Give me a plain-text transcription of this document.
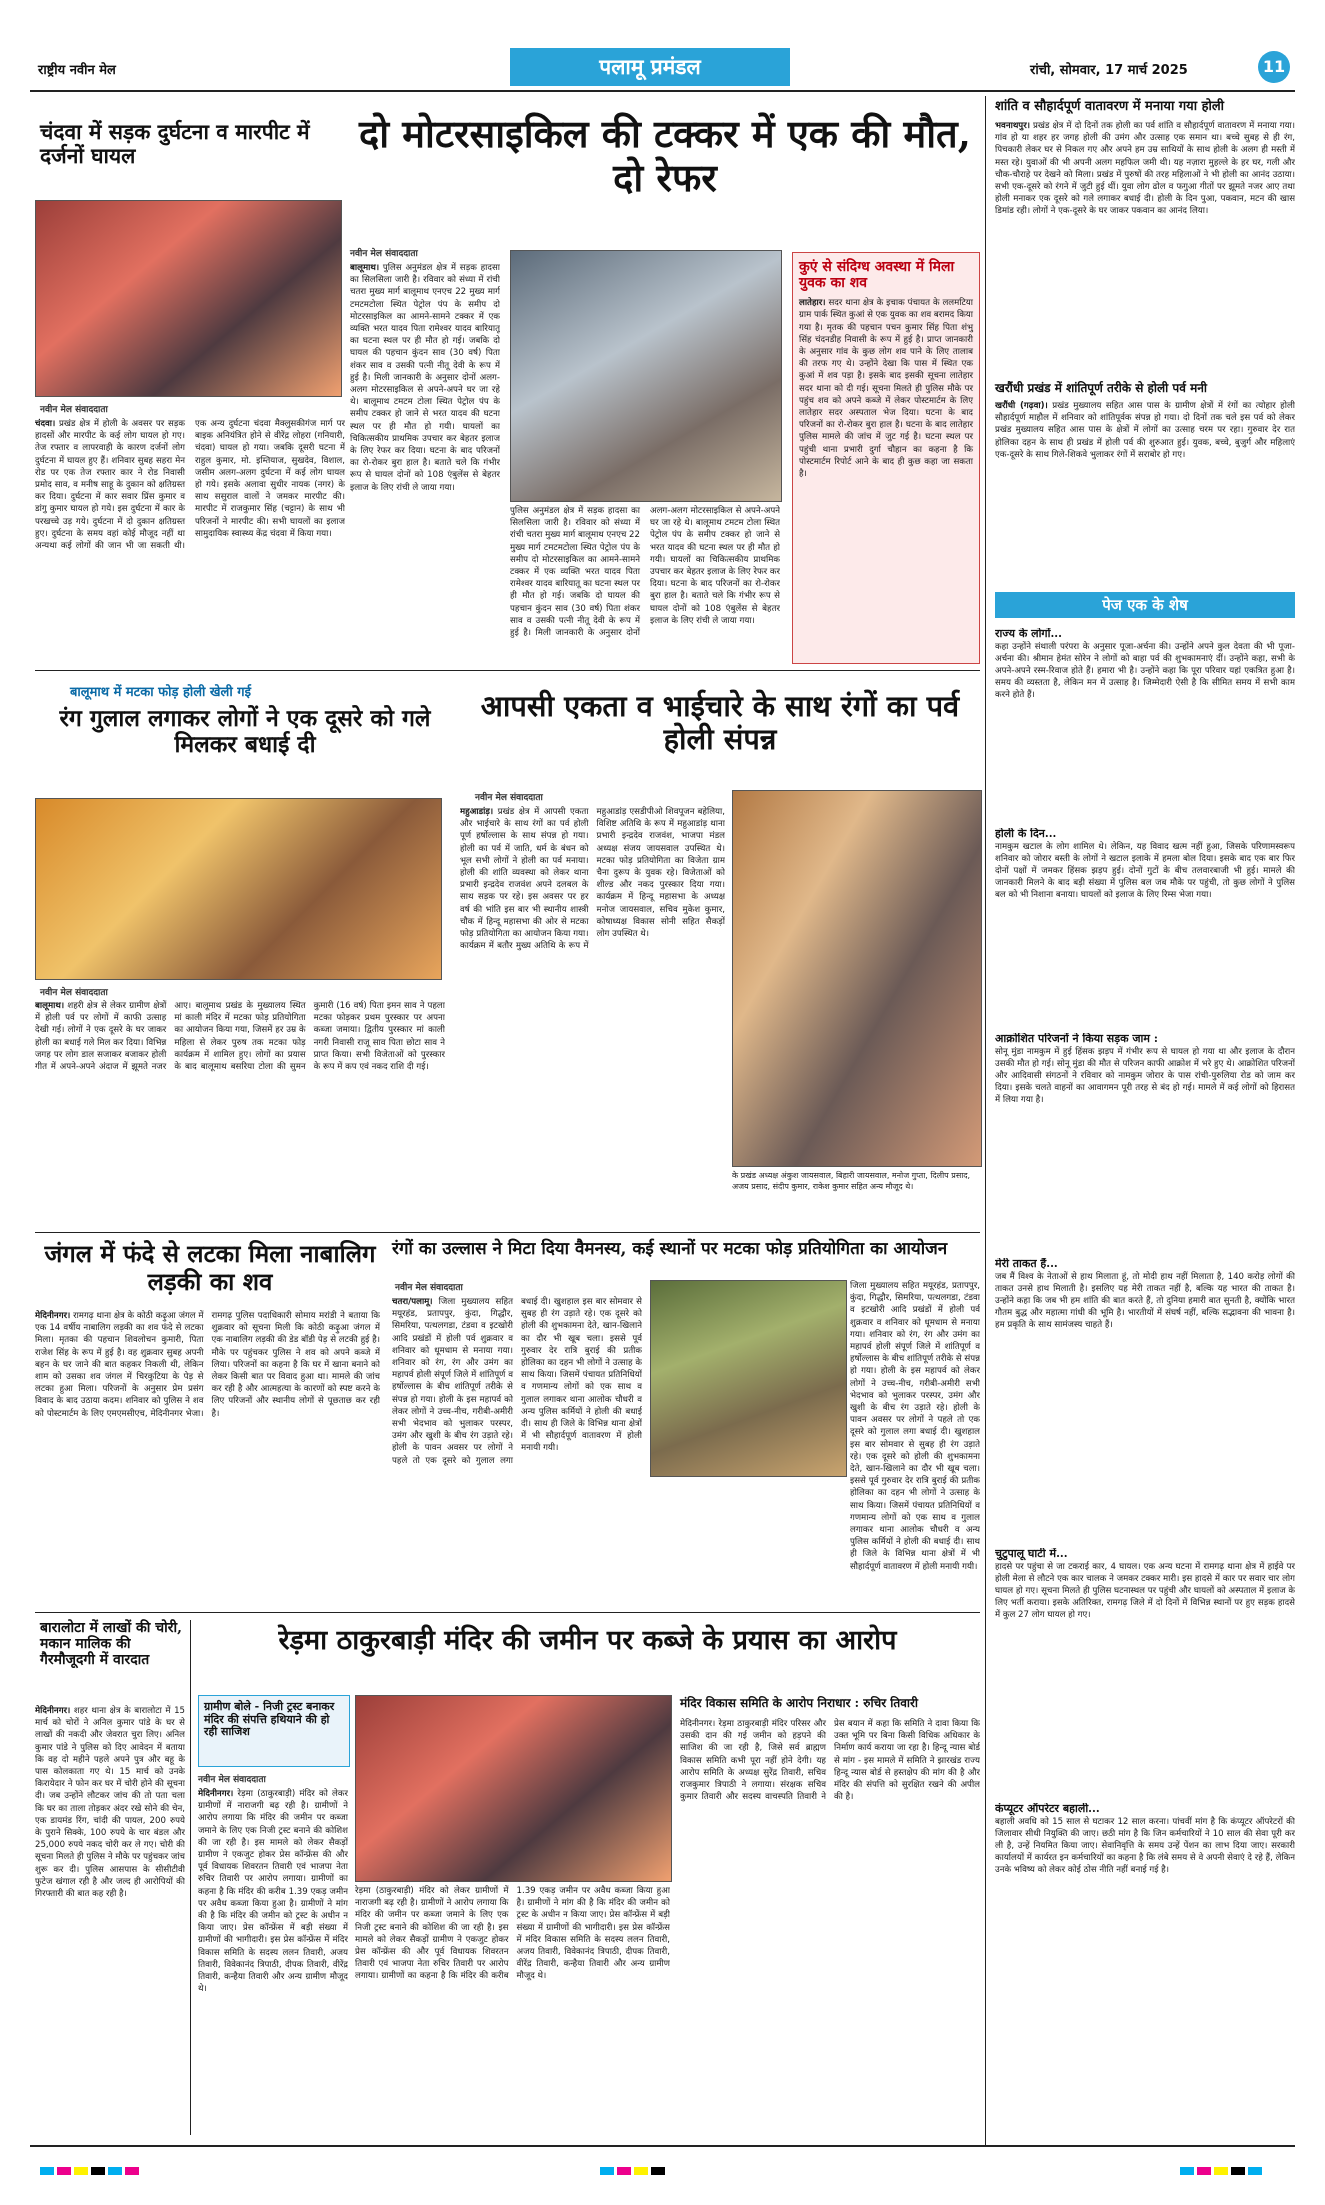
राष्ट्रीय नवीन मेल	पलामू प्रमंडल	रांची, सोमवार, 17 मार्च 2025	11
चंदवा में सड़क दुर्घटना व मारपीट में दर्जनों घायल
नवीन मेल संवाददाता
चंदवा। प्रखंड क्षेत्र में होली के अवसर पर सड़क हादसों और मारपीट के कई लोग घायल हो गए। तेज रफ्तार व लापरवाही के कारण दर्जनों लोग दुर्घटना में घायल हुए हैं। शनिवार सुबह सहरा मेन रोड पर एक तेज रफ्तार कार ने रोड निवासी प्रमोद साव, व मनीष साहू के दुकान को क्षतिग्रस्त कर दिया। दुर्घटना में कार सवार प्रिंस कुमार व डांगु कुमार घायल हो गये। इस दुर्घटना में कार के परखच्चे उड़ गये। दुर्घटना में दो दुकान क्षतिग्रस्त हुए। दुर्घटना के समय वहां कोई मौजूद नहीं था अन्यथा कई लोगों की जान भी जा सकती थी। एक अन्य दुर्घटना चंदवा मैक्लुसकीगंज मार्ग पर बाइक अनियंत्रित होने से वीरेंद्र लोहरा (गनियारी, चंदवा) घायल हो गया। जबकि दूसरी घटना में राहुल कुमार, मो. इम्तियाज, सुखदेव, विशाल, जसीम अलग-अलग दुर्घटना में कई लोग घायल हो गये। इसके अलावा सुधीर नायक (नगर) के साथ ससुराल वालों ने जमकर मारपीट की। मारपीट में राजकुमार सिंह (चट्टान) के साथ भी परिजनों ने मारपीट की। सभी घायलों का इलाज सामुदायिक स्वास्थ्य केंद्र चंदवा में किया गया।
दो मोटरसाइकिल की टक्कर में एक की मौत, दो रेफर
नवीन मेल संवाददाता
बालूमाथ। पुलिस अनुमंडल क्षेत्र में सड़क हादसा का सिलसिला जारी है। रविवार को संध्या में रांची चतरा मुख्य मार्ग बालूमाथ एनएच 22 मुख्य मार्ग टमटमटोला स्थित पेट्रोल पंप के समीप दो मोटरसाइकिल का आमने-सामने टक्कर में एक व्यक्ति भरत यादव पिता रामेश्वर यादव बारियातू का घटना स्थल पर ही मौत हो गई। जबकि दो घायल की पहचान कुंदन साव (30 वर्ष) पिता शंकर साव व उसकी पत्नी नीतू देवी के रूप में हुई है। मिली जानकारी के अनुसार दोनों अलग-अलग मोटरसाइकिल से अपने-अपने घर जा रहे थे। बालूमाथ टमटम टोला स्थित पेट्रोल पंप के समीप टक्कर हो जाने से भरत यादव की घटना स्थल पर ही मौत हो गयी। घायलों का चिकित्सकीय प्राथमिक उपचार कर बेहतर इलाज के लिए रेफर कर दिया। घटना के बाद परिजनों का रो-रोकर बुरा हाल है। बताते चले कि गंभीर रूप से घायल दोनों को 108 एंबुलेंस से बेहतर इलाज के लिए रांची ले जाया गया।
पुलिस अनुमंडल क्षेत्र में सड़क हादसा का सिलसिला जारी है। रविवार को संध्या में रांची चतरा मुख्य मार्ग बालूमाथ एनएच 22 मुख्य मार्ग टमटमटोला स्थित पेट्रोल पंप के समीप दो मोटरसाइकिल का आमने-सामने टक्कर में एक व्यक्ति भरत यादव पिता रामेश्वर यादव बारियातू का घटना स्थल पर ही मौत हो गई। जबकि दो घायल की पहचान कुंदन साव (30 वर्ष) पिता शंकर साव व उसकी पत्नी नीतू देवी के रूप में हुई है। मिली जानकारी के अनुसार दोनों अलग-अलग मोटरसाइकिल से अपने-अपने घर जा रहे थे। बालूमाथ टमटम टोला स्थित पेट्रोल पंप के समीप टक्कर हो जाने से भरत यादव की घटना स्थल पर ही मौत हो गयी। घायलों का चिकित्सकीय प्राथमिक उपचार कर बेहतर इलाज के लिए रेफर कर दिया। घटना के बाद परिजनों का रो-रोकर बुरा हाल है। बताते चले कि गंभीर रूप से घायल दोनों को 108 एंबुलेंस से बेहतर इलाज के लिए रांची ले जाया गया।
कुएं से संदिग्ध अवस्था में मिला युवक का शव
लातेहार। सदर थाना क्षेत्र के इचाक पंचायत के ललमटिया ग्राम पार्क स्थित कुआं से एक युवक का शव बरामद किया गया है। मृतक की पहचान पचन कुमार सिंह पिता शंभु सिंह चंदनडीह निवासी के रूप में हुई है। प्राप्त जानकारी के अनुसार गांव के कुछ लोग शव पाने के लिए तालाब की तरफ गए थे। उन्होंने देखा कि पास में स्थित एक कुआं में शव पड़ा है। इसके बाद इसकी सूचना लातेहार सदर थाना को दी गई। सूचना मिलते ही पुलिस मौके पर पहुंच शव को अपने कब्जे में लेकर पोस्टमार्टम के लिए लातेहार सदर अस्पताल भेज दिया। घटना के बाद परिजनों का रो-रोकर बुरा हाल है। घटना के बाद लातेहार पुलिस मामले की जांच में जुट गई है। घटना स्थल पर पहुंची थाना प्रभारी दुर्गा चौहान का कहना है कि पोस्टमार्टम रिपोर्ट आने के बाद ही कुछ कहा जा सकता है।
बालूमाथ में मटका फोड़ होली खेली गई
रंग गुलाल लगाकर लोगों ने एक दूसरे को गले मिलकर बधाई दी
नवीन मेल संवाददाता
बालूमाथ। शहरी क्षेत्र से लेकर ग्रामीण क्षेत्रों में होली पर्व पर लोगों में काफी उत्साह देखी गई। लोगों ने एक दूसरे के घर जाकर होली का बधाई गले मिल कर दिया। विभिन्न जगह पर लोग डाल सजाकर बजाकर होली गीत में अपने-अपने अंदाज में झूमते नजर आए। बालूमाथ प्रखंड के मुख्यालय स्थित मां काली मंदिर में मटका फोड़ प्रतियोगिता का आयोजन किया गया, जिसमें हर उम्र के महिला से लेकर पुरुष तक मटका फोड़ कार्यक्रम में शामिल हुए। लोगों का प्रयास के बाद बालूमाथ बसरिया टोला की सुमन कुमारी (16 वर्ष) पिता इमन साव ने पहला मटका फोड़कर प्रथम पुरस्कार पर अपना कब्जा जमाया। द्वितीय पुरस्कार मां काली नगरी निवासी राजू साव पिता छोटा साव ने प्राप्त किया। सभी विजेताओं को पुरस्कार के रूप में कप एवं नकद राशि दी गई।
आपसी एकता व भाईचारे के साथ रंगों का पर्व होली संपन्न
नवीन मेल संवाददाता
महुआडांड़। प्रखंड क्षेत्र में आपसी एकता और भाईचारे के साथ रंगों का पर्व होली पूर्ण हर्षोल्लास के साथ संपन्न हो गया। होली का पर्व में जाति, धर्म के बंधन को भूल सभी लोगों ने होली का पर्व मनाया। होली की शांति व्यवस्था को लेकर थाना प्रभारी इन्द्रदेव राजवंश अपने दलबल के साथ सड़क पर रहे। इस अवसर पर हर वर्ष की भांति इस बार भी स्थानीय शास्त्री चौक में हिन्दू महासभा की ओर से मटका फोड़ प्रतियोगिता का आयोजन किया गया। कार्यक्रम में बतौर मुख्य अतिथि के रूप में महुआडांड़ एसडीपीओ शिवपूजन बहेलिया, विशिष्ट अतिथि के रूप में महुआडांड़ थाना प्रभारी इन्द्रदेव राजवंश, भाजपा मंडल अध्यक्ष संजय जायसवाल उपस्थित थे। मटका फोड़ प्रतियोगिता का विजेता ग्राम चैना दुरूप के युवक रहे। विजेताओं को शील्ड और नकद पुरस्कार दिया गया। कार्यक्रम में हिन्दू महासभा के अध्यक्ष मनोज जायसवाल, सचिव मुकेश कुमार, कोषाध्यक्ष विकास सोनी सहित सैकड़ों लोग उपस्थित थे।
के प्रखंड अध्यक्ष अंकुश जायसवाल, बिहारी जायसवाल, मनोज गुप्ता, दिलीप प्रसाद, अजय प्रसाद, संदीप कुमार, राकेश कुमार सहित अन्य मौजूद थे।
जंगल में फंदे से लटका मिला नाबालिग लड़की का शव
मेदिनीनगर। रामगढ़ थाना क्षेत्र के कोठी कढ़ुआ जंगल में एक 14 वर्षीय नाबालिग लड़की का शव फंदे से लटका मिला। मृतका की पहचान शिवलोचन कुमारी, पिता राजेश सिंह के रूप में हुई है। वह शुक्रवार सुबह अपनी बहन के घर जाने की बात कहकर निकली थी, लेकिन शाम को उसका शव जंगल में चिरकुटिया के पेड़ से लटका हुआ मिला। परिजनों के अनुसार प्रेम प्रसंग विवाद के बाद उठाया कदम। शनिवार को पुलिस ने शव को पोस्टमार्टम के लिए एमएमसीएच, मेदिनीनगर भेजा। रामगढ़ पुलिस पदाधिकारी सोमाय मरांडी ने बताया कि शुक्रवार को सूचना मिली कि कोठी कढ़ुआ जंगल में एक नाबालिग लड़की की डेड बॉडी पेड़ से लटकी हुई है। मौके पर पहुंचकर पुलिस ने शव को अपने कब्जे में लिया। परिजनों का कहना है कि घर में खाना बनाने को लेकर किसी बात पर विवाद हुआ था। मामले की जांच कर रही है और आत्महत्या के कारणों को स्पष्ट करने के लिए परिजनों और स्थानीय लोगों से पूछताछ कर रही है।
रंगों का उल्लास ने मिटा दिया वैमनस्य, कई स्थानों पर मटका फोड़ प्रतियोगिता का आयोजन
नवीन मेल संवाददाता
चतरा/पलामू। जिला मुख्यालय सहित मयूरहंड, प्रतापपुर, कुंदा, गिद्धौर, सिमरिया, पत्थलगडा, टंडवा व इटखोरी आदि प्रखंडों में होली पर्व शुक्रवार व शनिवार को धूमधाम से मनाया गया। शनिवार को रंग, रंग और उमंग का महापर्व होली संपूर्ण जिले में शांतिपूर्ण व हर्षोल्लास के बीच शांतिपूर्ण तरीके से संपन्न हो गया। होली के इस महापर्व को लेकर लोगों ने उच्च-नीच, गरीबी-अमीरी सभी भेदभाव को भुलाकर परस्पर, उमंग और खुशी के बीच रंग उड़ाते रहे। होली के पावन अवसर पर लोगों ने पहले तो एक दूसरे को गुलाल लगा बधाई दी। खुशहाल इस बार सोमवार से सुबह ही रंग उड़ाते रहे। एक दूसरे को होली की शुभकामना देते, खान-खिलाने का दौर भी खूब चला। इससे पूर्व गुरुवार देर रात्रि बुराई की प्रतीक होलिका का दहन भी लोगों ने उत्साह के साथ किया। जिसमें पंचायत प्रतिनिधियों व गणमान्य लोगों को एक साथ व गुलाल लगाकर थाना आलोक चौधरी व अन्य पुलिस कर्मियों ने होली की बधाई दी। साथ ही जिले के विभिन्न थाना क्षेत्रों में भी सौहार्दपूर्ण वातावरण में होली मनायी गयी।
जिला मुख्यालय सहित मयूरहंड, प्रतापपुर, कुंदा, गिद्धौर, सिमरिया, पत्थलगडा, टंडवा व इटखोरी आदि प्रखंडों में होली पर्व शुक्रवार व शनिवार को धूमधाम से मनाया गया। शनिवार को रंग, रंग और उमंग का महापर्व होली संपूर्ण जिले में शांतिपूर्ण व हर्षोल्लास के बीच शांतिपूर्ण तरीके से संपन्न हो गया। होली के इस महापर्व को लेकर लोगों ने उच्च-नीच, गरीबी-अमीरी सभी भेदभाव को भुलाकर परस्पर, उमंग और खुशी के बीच रंग उड़ाते रहे। होली के पावन अवसर पर लोगों ने पहले तो एक दूसरे को गुलाल लगा बधाई दी। खुशहाल इस बार सोमवार से सुबह ही रंग उड़ाते रहे। एक दूसरे को होली की शुभकामना देते, खान-खिलाने का दौर भी खूब चला। इससे पूर्व गुरुवार देर रात्रि बुराई की प्रतीक होलिका का दहन भी लोगों ने उत्साह के साथ किया। जिसमें पंचायत प्रतिनिधियों व गणमान्य लोगों को एक साथ व गुलाल लगाकर थाना आलोक चौधरी व अन्य पुलिस कर्मियों ने होली की बधाई दी। साथ ही जिले के विभिन्न थाना क्षेत्रों में भी सौहार्दपूर्ण वातावरण में होली मनायी गयी।
बारालोटा में लाखों की चोरी, मकान मालिक की गैरमौजूदगी में वारदात
मेदिनीनगर। शहर थाना क्षेत्र के बारालोटा में 15 मार्च को चोरों ने अनिल कुमार पांडे के घर से लाखों की नकदी और जेवरात चुरा लिए। अनिल कुमार पांडे ने पुलिस को दिए आवेदन में बताया कि वह दो महीने पहले अपने पुत्र और बहू के पास कोलकाता गए थे। 15 मार्च को उनके किरायेदार ने फोन कर घर में चोरी होने की सूचना दी। जब उन्होंने लौटकर जांच की तो पता चला कि घर का ताला तोड़कर अंदर रखे सोने की चेन, एक डायमंड रिंग, चांदी की पायल, 200 रुपये के पुराने सिक्के, 100 रुपये के चार बंडल और 25,000 रुपये नकद चोरी कर ले गए। चोरी की सूचना मिलते ही पुलिस ने मौके पर पहुंचकर जांच शुरू कर दी। पुलिस आसपास के सीसीटीवी फुटेज खंगाल रही है और जल्द ही आरोपियों की गिरफ्तारी की बात कह रही है।
रेड़मा ठाकुरबाड़ी मंदिर की जमीन पर कब्जे के प्रयास का आरोप
ग्रामीण बोले - निजी ट्रस्ट बनाकर मंदिर की संपत्ति हथियाने की हो रही साजिश
नवीन मेल संवाददाता
मेदिनीनगर। रेड़मा (ठाकुरबाड़ी) मंदिर को लेकर ग्रामीणों में नाराजगी बढ़ रही है। ग्रामीणों ने आरोप लगाया कि मंदिर की जमीन पर कब्जा जमाने के लिए एक निजी ट्रस्ट बनाने की कोशिश की जा रही है। इस मामले को लेकर सैकड़ों ग्रामीण ने एकजुट होकर प्रेस कॉन्फ्रेंस की और पूर्व विधायक शिवरतन तिवारी एवं भाजपा नेता रुचिर तिवारी पर आरोप लगाया। ग्रामीणों का कहना है कि मंदिर की करीब 1.39 एकड़ जमीन पर अवैध कब्जा किया हुआ है। ग्रामीणों ने मांग की है कि मंदिर की जमीन को ट्रस्ट के अधीन न किया जाए। प्रेस कॉन्फ्रेंस में बड़ी संख्या में ग्रामीणों की भागीदारी। इस प्रेस कॉन्फ्रेंस में मंदिर विकास समिति के सदस्य ललन तिवारी, अजय तिवारी, विवेकानंद त्रिपाठी, दीपक तिवारी, वीरेंद्र तिवारी, कन्हैया तिवारी और अन्य ग्रामीण मौजूद थे।
रेड़मा (ठाकुरबाड़ी) मंदिर को लेकर ग्रामीणों में नाराजगी बढ़ रही है। ग्रामीणों ने आरोप लगाया कि मंदिर की जमीन पर कब्जा जमाने के लिए एक निजी ट्रस्ट बनाने की कोशिश की जा रही है। इस मामले को लेकर सैकड़ों ग्रामीण ने एकजुट होकर प्रेस कॉन्फ्रेंस की और पूर्व विधायक शिवरतन तिवारी एवं भाजपा नेता रुचिर तिवारी पर आरोप लगाया। ग्रामीणों का कहना है कि मंदिर की करीब 1.39 एकड़ जमीन पर अवैध कब्जा किया हुआ है। ग्रामीणों ने मांग की है कि मंदिर की जमीन को ट्रस्ट के अधीन न किया जाए। प्रेस कॉन्फ्रेंस में बड़ी संख्या में ग्रामीणों की भागीदारी। इस प्रेस कॉन्फ्रेंस में मंदिर विकास समिति के सदस्य ललन तिवारी, अजय तिवारी, विवेकानंद त्रिपाठी, दीपक तिवारी, वीरेंद्र तिवारी, कन्हैया तिवारी और अन्य ग्रामीण मौजूद थे।
मंदिर विकास समिति के आरोप निराधार : रुचिर तिवारी
मेदिनीनगर। रेड़मा ठाकुरबाड़ी मंदिर परिसर और उसकी दान की गई जमीन को हड़पने की साजिश की जा रही है, जिसे सर्व ब्राह्मण विकास समिति कभी पूरा नहीं होने देगी। यह आरोप समिति के अध्यक्ष सुरेंद्र तिवारी, सचिव राजकुमार त्रिपाठी ने लगाया। संरक्षक सचिव कुमार तिवारी और सदस्य वाचस्पति तिवारी ने प्रेस बयान में कहा कि समिति ने दावा किया कि उक्त भूमि पर बिना किसी विधिक अधिकार के निर्माण कार्य कराया जा रहा है। हिन्दू न्यास बोर्ड से मांग - इस मामले में समिति ने झारखंड राज्य हिन्दू न्यास बोर्ड से हस्तक्षेप की मांग की है और मंदिर की संपत्ति को सुरक्षित रखने की अपील की है।
शांति व सौहार्दपूर्ण वातावरण में मनाया गया होली
भवनाथपुर। प्रखंड क्षेत्र में दो दिनों तक होली का पर्व शांति व सौहार्दपूर्ण वातावरण में मनाया गया। गांव हो या शहर हर जगह होली की उमंग और उत्साह एक समान था। बच्चे सुबह से ही रंग, पिचकारी लेकर घर से निकल गए और अपने हम उम्र साथियों के साथ होली के अलग ही मस्ती में मस्त रहे। युवाओं की भी अपनी अलग महफिल जमी थी। यह नज़ारा मुहल्ले के हर घर, गली और चौक-चौराहे पर देखने को मिला। प्रखंड में पुरुषों की तरह महिलाओं ने भी होली का आनंद उठाया। सभी एक-दूसरे को रंगने में जुटी हुई थीं। युवा लोग ढोल व फगुआ गीतों पर झूमते नजर आए तथा होली मनाकर एक दूसरे को गले लगाकर बधाई दी। होली के दिन पुआ, पकवान, मटन की खास डिमांड रही। लोगों ने एक-दूसरे के घर जाकर पकवान का आनंद लिया।
खरौंधी प्रखंड में शांतिपूर्ण तरीके से होली पर्व मनी
खरौंधी (गढ़वा)। प्रखंड मुख्यालय सहित आस पास के ग्रामीण क्षेत्रों में रंगों का त्योहार होली सौहार्दपूर्ण माहौल में शनिवार को शांतिपूर्वक संपन्न हो गया। दो दिनों तक चले इस पर्व को लेकर प्रखंड मुख्यालय सहित आस पास के क्षेत्रों में लोगों का उत्साह चरम पर रहा। गुरुवार देर रात होलिका दहन के साथ ही प्रखंड में होली पर्व की शुरुआत हुई। युवक, बच्चे, बुजुर्ग और महिलाएं एक-दूसरे के साथ गिले-शिकवे भुलाकर रंगों में सराबोर हो गए।
पेज एक के शेष
राज्य के लोगों...
कहा उन्होंने संथाली परंपरा के अनुसार पूजा-अर्चना की। उन्होंने अपने कुल देवता की भी पूजा-अर्चना की। श्रीमान हेमंत सोरेन ने लोगों को बाहा पर्व की शुभकामनाएं दीं। उन्होंने कहा, सभी के अपने-अपने रस्म-रिवाज होते हैं। हमारा भी है। उन्होंने कहा कि पूरा परिवार यहां एकत्रित हुआ है। समय की व्यस्तता है, लेकिन मन में उत्साह है। जिम्मेदारी ऐसी है कि सीमित समय में सभी काम करने होते हैं।
होली के दिन...
नामकुम खटाल के लोग शामिल थे। लेकिन, यह विवाद खत्म नहीं हुआ, जिसके परिणामस्वरूप शनिवार को जोरार बस्ती के लोगों ने खटाल इलाके में हमला बोल दिया। इसके बाद एक बार फिर दोनों पक्षों में जमकर हिंसक झड़प हुई। दोनों गुटों के बीच तलवारबाजी भी हुई। मामले की जानकारी मिलने के बाद बड़ी संख्या में पुलिस बल जब मौके पर पहुंची, तो कुछ लोगों ने पुलिस बल को भी निशाना बनाया। घायलों को इलाज के लिए रिम्स भेजा गया।
आक्रोशित परिजनों ने किया सड़क जाम :
सोनू मुंडा नामकुम में हुई हिंसक झड़प में गंभीर रूप से घायल हो गया था और इलाज के दौरान उसकी मौत हो गई। सोनू मुंडा की मौत से परिजन काफी आक्रोश में भरे हुए थे। आक्रोशित परिजनों और आदिवासी संगठनों ने रविवार को नामकुम जोरार के पास रांची-पुरुलिया रोड को जाम कर दिया। इसके चलते वाहनों का आवागमन पूरी तरह से बंद हो गई। मामले में कई लोगों को हिरासत में लिया गया है।
मेरी ताकत हैं...
जब मैं विश्व के नेताओं से हाथ मिलाता हूं, तो मोदी हाथ नहीं मिलाता है, 140 करोड़ लोगों की ताकत उनसे हाथ मिलाती है। इसलिए यह मेरी ताकत नहीं है, बल्कि यह भारत की ताकत है। उन्होंने कहा कि जब भी हम शांति की बात करते हैं, तो दुनिया हमारी बात सुनती है, क्योंकि भारत गौतम बुद्ध और महात्मा गांधी की भूमि है। भारतीयों में संघर्ष नहीं, बल्कि सद्भावना की भावना है। हम प्रकृति के साथ सामंजस्य चाहते हैं।
चुटुपालू घाटी में...
हादसे पर पहुंचा से जा टकराई कार, 4 घायल। एक अन्य घटना में रामगढ़ थाना क्षेत्र में हाईवे पर होली मेला से लौटने एक कार चालक ने जमकर टक्कर मारी। इस हादसे में कार पर सवार चार लोग घायल हो गए। सूचना मिलते ही पुलिस घटनास्थल पर पहुंची और घायलों को अस्पताल में इलाज के लिए भर्ती कराया। इसके अतिरिक्त, रामगढ़ जिले में दो दिनों में विभिन्न स्थानों पर हुए सड़क हादसे में कुल 27 लोग घायल हो गए।
कंप्यूटर ऑपरेटर बहाली...
बहाली अवधि को 15 साल से घटाकर 12 साल करना। पांचवीं मांग है कि कंप्यूटर ऑपरेटरों की जिलावार सीधी नियुक्ति की जाए। छठी मांग है कि जिन कर्मचारियों ने 10 साल की सेवा पूरी कर ली है, उन्हें नियमित किया जाए। सेवानिवृत्ति के समय उन्हें पेंशन का लाभ दिया जाए। सरकारी कार्यालयों में कार्यरत इन कर्मचारियों का कहना है कि लंबे समय से वे अपनी सेवाएं दे रहे हैं, लेकिन उनके भविष्य को लेकर कोई ठोस नीति नहीं बनाई गई है।
